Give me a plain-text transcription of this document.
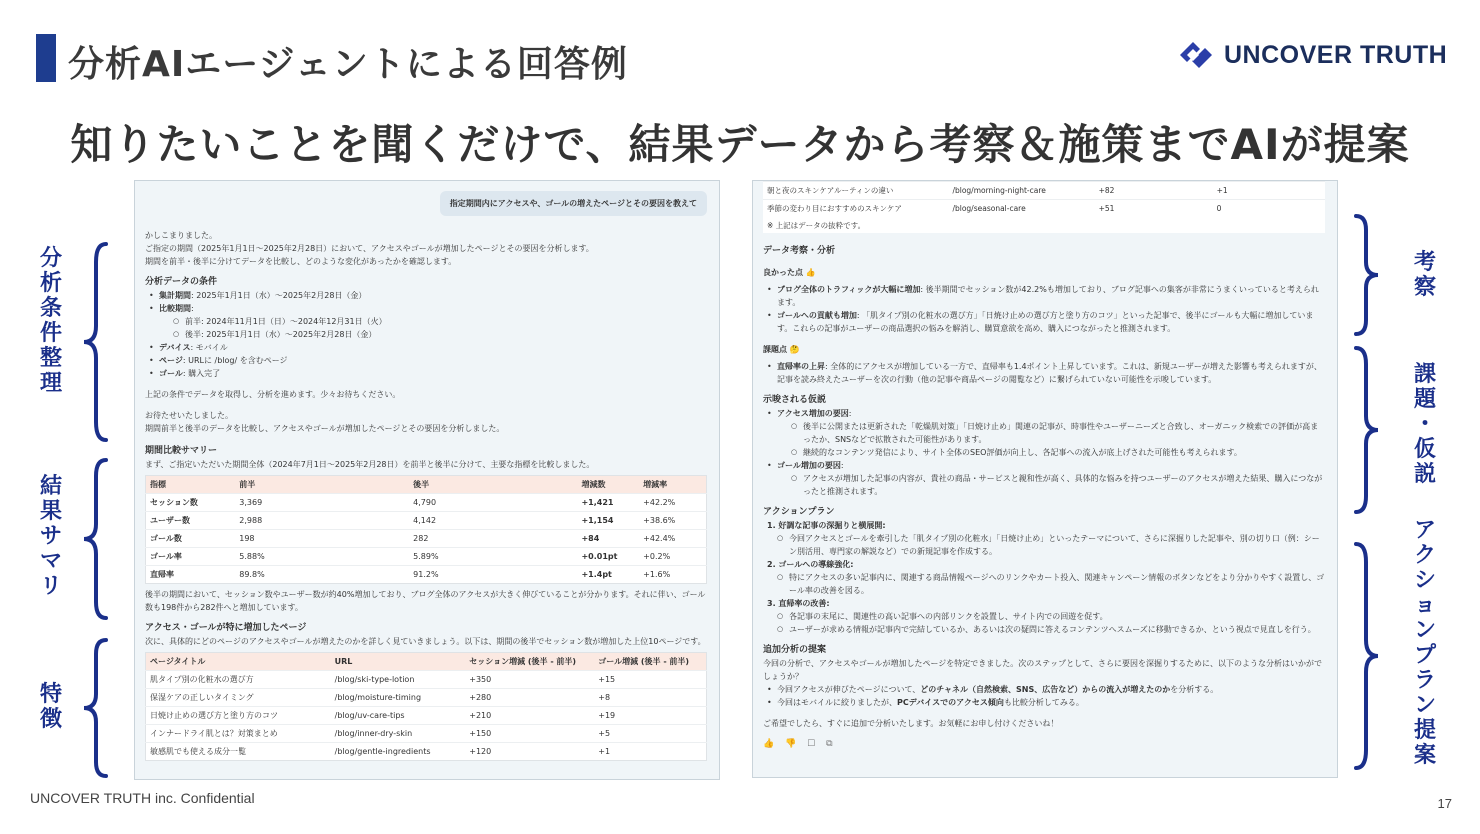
分析AIエージェントによる回答例	UNCOVER TRUTH
知りたいことを聞くだけで、結果データから考察＆施策までAIが提案
分
析
条
件
整
理
結
果
サ
マ
リ
特
徴
考
察
課
題
・
仮
説
ア
ク
シ
ョ
ン
プ
ラ
ン
提
案
指定期間内にアクセスや、ゴールの増えたページとその要因を教えて

かしこまりました。

ご指定の期間（2025年1月1日〜2025年2月28日）において、アクセスやゴールが増加したページとその要因を分析します。

期間を前半・後半に分けてデータを比較し、どのような変化があったかを確認します。

分析データの条件
• 集計期間: 2025年1月1日（水）〜2025年2月28日（金）
• 比較期間:
○ 前半: 2024年11月1日（日）〜2024年12月31日（火）
○ 後半: 2025年1月1日（水）〜2025年2月28日（金）
• デバイス: モバイル
• ページ: URLに /blog/ を含むページ
• ゴール: 購入完了

上記の条件でデータを取得し、分析を進めます。少々お待ちください。

お待たせいたしました。

期間前半と後半のデータを比較し、アクセスやゴールが増加したページとその要因を分析しました。

期間比較サマリー

まず、ご指定いただいた期間全体（2024年7月1日〜2025年2月28日）を前半と後半に分けて、主要な指標を比較しました。

指標	前半	後半	増減数	増減率
セッション数	3,369	4,790	+1,421	+42.2%
ユーザー数	2,988	4,142	+1,154	+38.6%
ゴール数	198	282	+84	+42.4%
ゴール率	5.88%	5.89%	+0.01pt	+0.2%
直帰率	89.8%	91.2%	+1.4pt	+1.6%

後半の期間において、セッション数やユーザー数が約40%増加しており、ブログ全体のアクセスが大きく伸びていることが分かります。それに伴い、ゴール数も198件から282件へと増加しています。

アクセス・ゴールが特に増加したページ

次に、具体的にどのページのアクセスやゴールが増えたのかを詳しく見ていきましょう。以下は、期間の後半でセッション数が増加した上位10ページです。

ページタイトル	URL	セッション増減 (後半 - 前半)	ゴール増減 (後半 - 前半)
肌タイプ別の化粧水の選び方	/blog/ski-type-lotion	+350	+15
保湿ケアの正しいタイミング	/blog/moisture-timing	+280	+8
日焼け止めの選び方と塗り方のコツ	/blog/uv-care-tips	+210	+19
インナードライ肌とは？対策まとめ	/blog/inner-dry-skin	+150	+5
敏感肌でも使える成分一覧	/blog/gentle-ingredients	+120	+1
朝と夜のスキンケアルーティンの違い	/blog/morning-night-care	+82	+1
季節の変わり目におすすめのスキンケア	/blog/seasonal-care	+51	0
※ 上記はデータの抜粋です。
データ考察・分析
良かった点 👍
• ブログ全体のトラフィックが大幅に増加: 後半期間でセッション数が42.2%も増加しており、ブログ記事への集客が非常にうまくいっていると考えられます。
• ゴールへの貢献も増加: 「肌タイプ別の化粧水の選び方」「日焼け止めの選び方と塗り方のコツ」といった記事で、後半にゴールも大幅に増加しています。これらの記事がユーザーの商品選択の悩みを解消し、購買意欲を高め、購入につながったと推測されます。
課題点 🤔
• 直帰率の上昇: 全体的にアクセスが増加している一方で、直帰率も1.4ポイント上昇しています。これは、新規ユーザーが増えた影響も考えられますが、記事を読み終えたユーザーを次の行動（他の記事や商品ページの閲覧など）に繋げられていない可能性を示唆しています。
示唆される仮説
• アクセス増加の要因:
○ 後半に公開または更新された「乾燥肌対策」「日焼け止め」関連の記事が、時事性やユーザーニーズと合致し、オーガニック検索での評価が高まったか、SNSなどで拡散された可能性があります。
○ 継続的なコンテンツ発信により、サイト全体のSEO評価が向上し、各記事への流入が底上げされた可能性も考えられます。
• ゴール増加の要因:
○ アクセスが増加した記事の内容が、貴社の商品・サービスと親和性が高く、具体的な悩みを持つユーザーのアクセスが増えた結果、購入につながったと推測されます。
アクションプラン
1. 好調な記事の深掘りと横展開:
○ 今回アクセスとゴールを牽引した「肌タイプ別の化粧水」「日焼け止め」といったテーマについて、さらに深掘りした記事や、別の切り口（例：シーン別活用、専門家の解説など）での新規記事を作成する。
2. ゴールへの導線強化:
○ 特にアクセスの多い記事内に、関連する商品情報ページへのリンクやカート投入、関連キャンペーン情報のボタンなどをより分かりやすく設置し、ゴール率の改善を図る。
3. 直帰率の改善:
○ 各記事の末尾に、関連性の高い記事への内部リンクを設置し、サイト内での回遊を促す。
○ ユーザーが求める情報が記事内で完結しているか、あるいは次の疑問に答えるコンテンツへスムーズに移動できるか、という視点で見直しを行う。
追加分析の提案

今回の分析で、アクセスやゴールが増加したページを特定できました。次のステップとして、さらに要因を深掘りするために、以下のような分析はいかがでしょうか？

• 今回アクセスが伸びたページについて、どのチャネル（自然検索、SNS、広告など）からの流入が増えたのかを分析する。
• 今回はモバイルに絞りましたが、PCデバイスでのアクセス傾向も比較分析してみる。

ご希望でしたら、すぐに追加で分析いたします。お気軽にお申し付けくださいね！

👍 👎 ☐ ⧉
UNCOVER TRUTH inc. Confidential	17
